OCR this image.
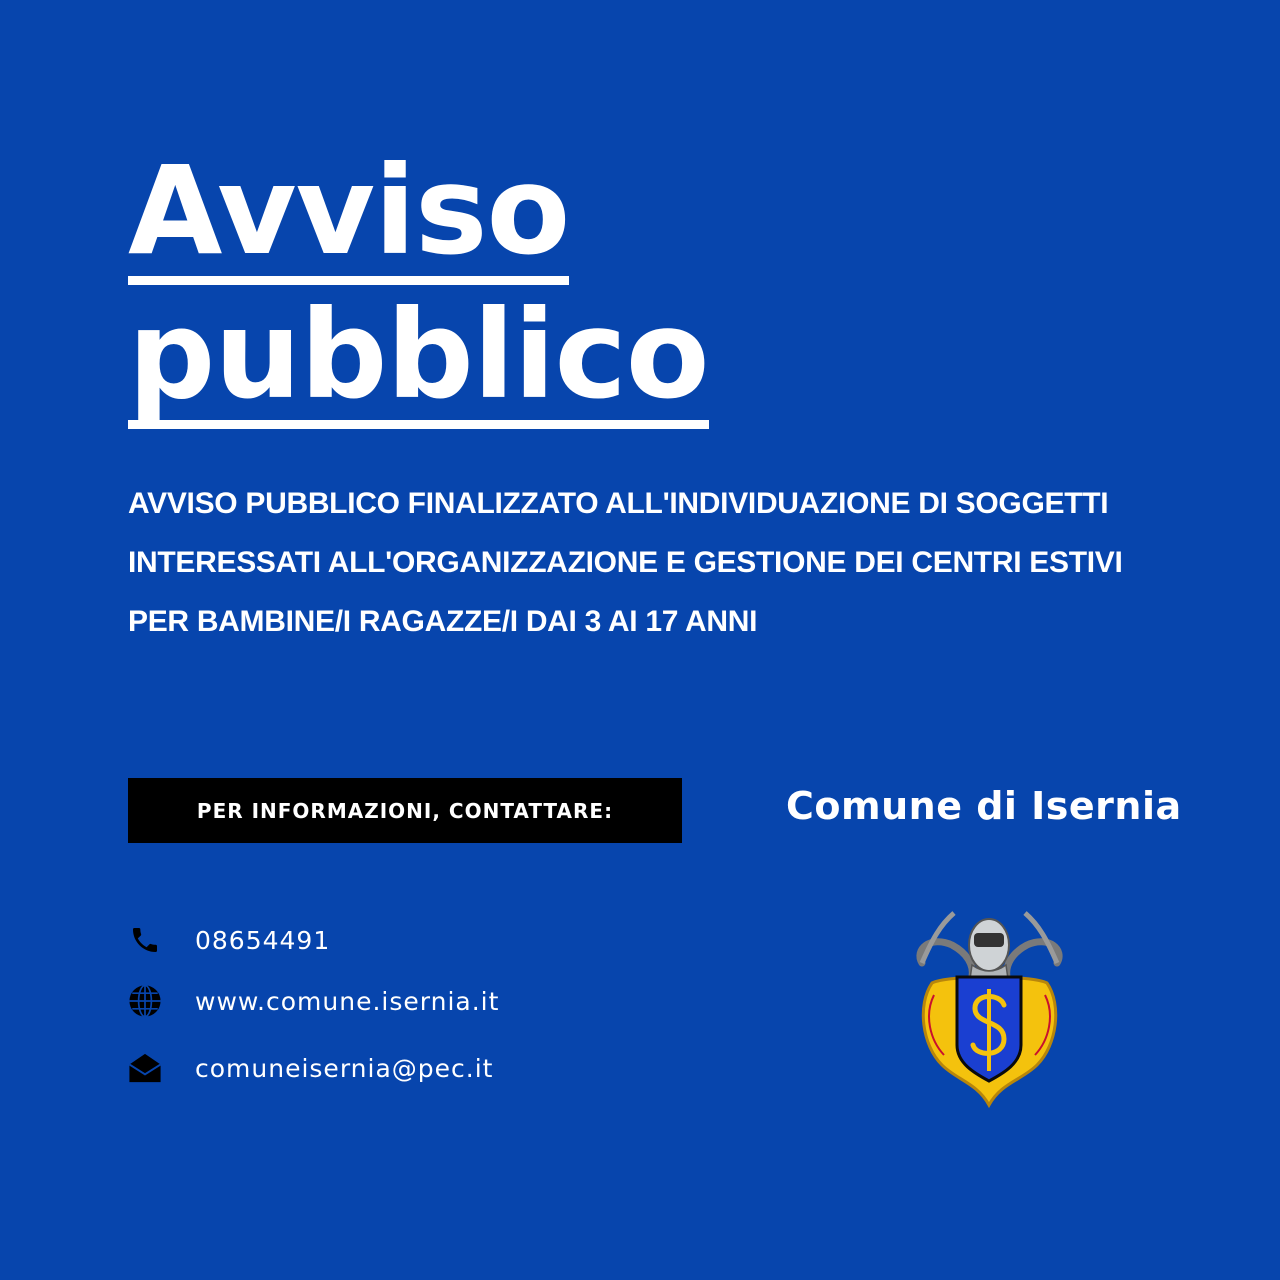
Avviso
pubblico

AVVISO PUBBLICO FINALIZZATO ALL'INDIVIDUAZIONE DI SOGGETTI INTERESSATI ALL'ORGANIZZAZIONE E GESTIONE DEI CENTRI ESTIVI PER BAMBINE/I RAGAZZE/I DAI 3 AI 17 ANNI

PER INFORMAZIONI, CONTATTARE:	Comune di Isernia
08654491
www.comune.isernia.it
comuneisernia@pec.it
